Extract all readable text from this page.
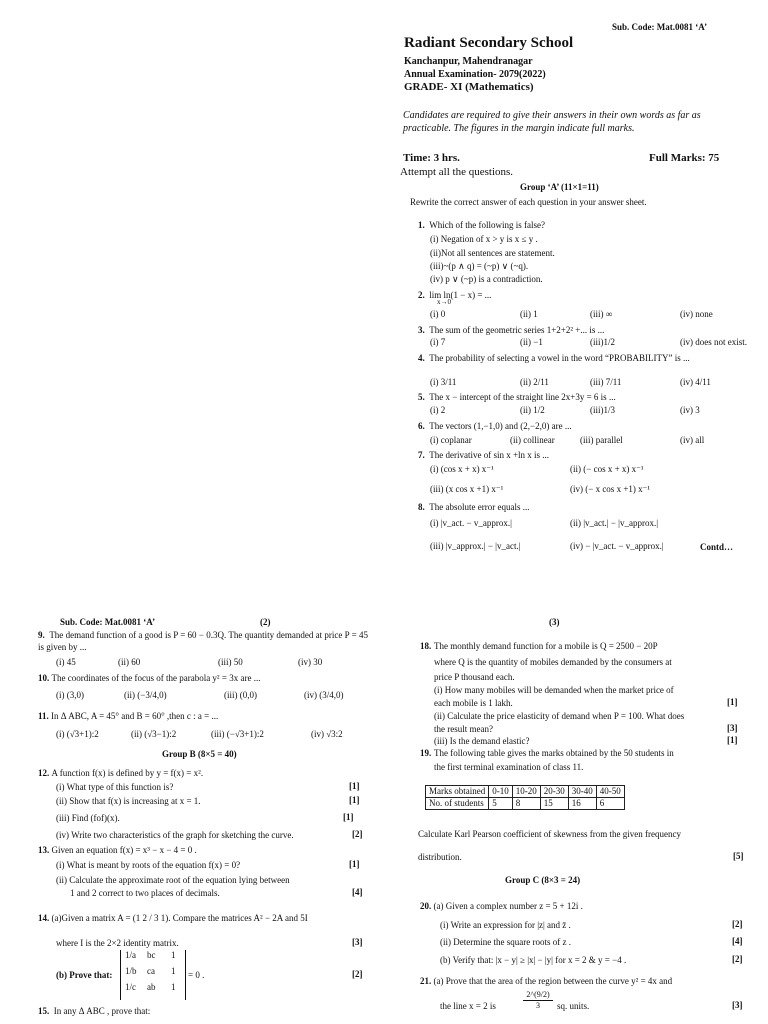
Sub. Code: Mat.0081 ‘A’
Radiant Secondary School
Kanchanpur, Mahendranagar
Annual Examination- 2079(2022)
GRADE- XI (Mathematics)
Candidates are required to give their answers in their own words as far as practicable. The figures in the margin indicate full marks.
Time: 3 hrs.	Full Marks: 75
Attempt all the questions.
Group ‘A’ (11×1=11)
Rewrite the correct answer of each question in your answer sheet.
1. Which of the following is false?
(i) Negation of x > y is x ≤ y .
(ii)Not all sentences are statement.
(iii)~(p ∧ q) = (~p) ∨ (~q).
(iv) p ∨ (~p) is a contradiction.
2. lim ln(1 − x) = ...
x→0
(i) 0	(ii) 1	(iii) ∞	(iv) none
3. The sum of the geometric series 1+2+2² +... is ...
(i) 7	(ii) −1	(iii)1/2	(iv) does not exist.
4. The probability of selecting a vowel in the word “PROBABILITY” is ...
(i) 3/11	(ii) 2/11	(iii) 7/11	(iv) 4/11
5. The x − intercept of the straight line 2x+3y = 6 is ...
(i) 2	(ii) 1/2	(iii)1/3	(iv) 3
6. The vectors (1,−1,0) and (2,−2,0) are ...
(i) coplanar	(ii) collinear	(iii) parallel	(iv) all
7. The derivative of sin x +ln x is ...
(i) (cos x + x) x⁻¹	(ii) (− cos x + x) x⁻¹
(iii) (x cos x +1) x⁻¹	(iv) (− x cos x +1) x⁻¹
8. The absolute error equals ...
(i) |v_act. − v_approx.|	(ii) |v_act.| − |v_approx.|
(iii) |v_approx.| − |v_act.|	(iv) − |v_act. − v_approx.|	Contd…
Sub. Code: Mat.0081 ‘A’	(2)
9. The demand function of a good is P = 60 − 0.3Q. The quantity demanded at price P = 45 is given by ...
(i) 45	(ii) 60	(iii) 50	(iv) 30
10. The coordinates of the focus of the parabola y² = 3x are ...
(i) (3,0)	(ii) (−3/4,0)	(iii) (0,0)	(iv) (3/4,0)
11. In Δ ABC, A = 45° and B = 60° ,then c : a = ...
(i) (√3+1):2	(ii) (√3−1):2	(iii) (−√3+1):2	(iv) √3:2
Group B (8×5 = 40)
12. A function f(x) is defined by y = f(x) = x².
(i) What type of this function is?	[1]
(ii) Show that f(x) is increasing at x = 1.	[1]
(iii) Find (fof)(x).	[1]
(iv) Write two characteristics of the graph for sketching the curve.	[2]
13. Given an equation f(x) = x³ − x − 4 = 0 .
(i) What is meant by roots of the equation f(x) = 0?	[1]
(ii) Calculate the approximate root of the equation lying between
1 and 2 correct to two places of decimals.	[4]
14. (a)Given a matrix A = (1 2 / 3 1). Compare the matrices A² − 2A and 5I
where I is the 2×2 identity matrix.	[3]
(b) Prove that:
1/a	bc	1
1/b	ca	1
1/c	ab	1
= 0 .	[2]
15. In any Δ ABC , prove that:
(3)
18. The monthly demand function for a mobile is Q = 2500 − 20P
where Q is the quantity of mobiles demanded by the consumers at
price P thousand each.
(i) How many mobiles will be demanded when the market price of
each mobile is 1 lakh.	[1]
(ii) Calculate the price elasticity of demand when P = 100. What does
the result mean?	[3]
(iii) Is the demand elastic?	[1]
19. The following table gives the marks obtained by the 50 students in
the first terminal examination of class 11.
Marks obtained	0-10	10-20	20-30	30-40	40-50
No. of students	5	8	15	16	6
Calculate Karl Pearson coefficient of skewness from the given frequency
distribution.	[5]
Group C (8×3 = 24)
20. (a) Given a complex number z = 5 + 12i .
(i) Write an expression for |z| and z̄ .	[2]
(ii) Determine the square roots of z .	[4]
(b) Verify that: |x − y| ≥ |x| − |y| for x = 2 & y = −4 .	[2]
21. (a) Prove that the area of the region between the curve y² = 4x and
the line x = 2 is
2^(9/2)
3	sq. units.	[3]
